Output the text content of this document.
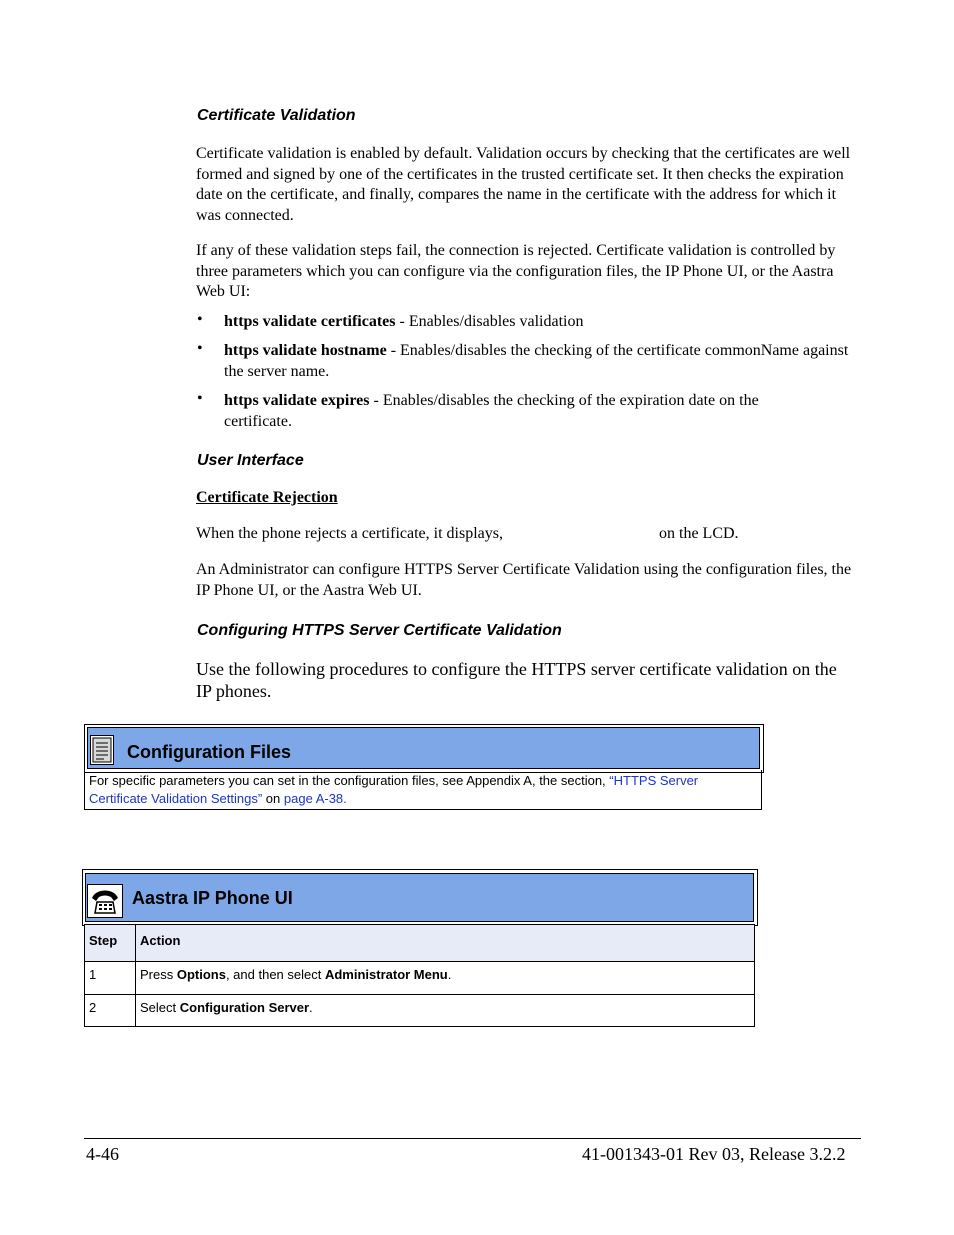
Certificate Validation
Certificate validation is enabled by default. Validation occurs by checking that the certificates are well formed and signed by one of the certificates in the trusted certificate set. It then checks the expiration date on the certificate, and finally, compares the name in the certificate with the address for which it was connected.
If any of these validation steps fail, the connection is rejected. Certificate validation is controlled by three parameters which you can configure via the configuration files, the IP Phone UI, or the Aastra Web UI:
• https validate certificates - Enables/disables validation
• https validate hostname - Enables/disables the checking of the certificate commonName against the server name.
• https validate expires - Enables/disables the checking of the expiration date on the certificate.
User Interface
Certificate Rejection
When the phone rejects a certificate, it displays,	on the LCD.
An Administrator can configure HTTPS Server Certificate Validation using the configuration files, the IP Phone UI, or the Aastra Web UI.
Configuring HTTPS Server Certificate Validation
Use the following procedures to configure the HTTPS server certificate validation on the IP phones.
Configuration Files
For specific parameters you can set in the configuration files, see Appendix A, the section, “HTTPS Server Certificate Validation Settings” on page A-38.
Aastra IP Phone UI
Step	Action
1	Press Options, and then select Administrator Menu.
2	Select Configuration Server.
4-46	41-001343-01 Rev 03, Release 3.2.2
